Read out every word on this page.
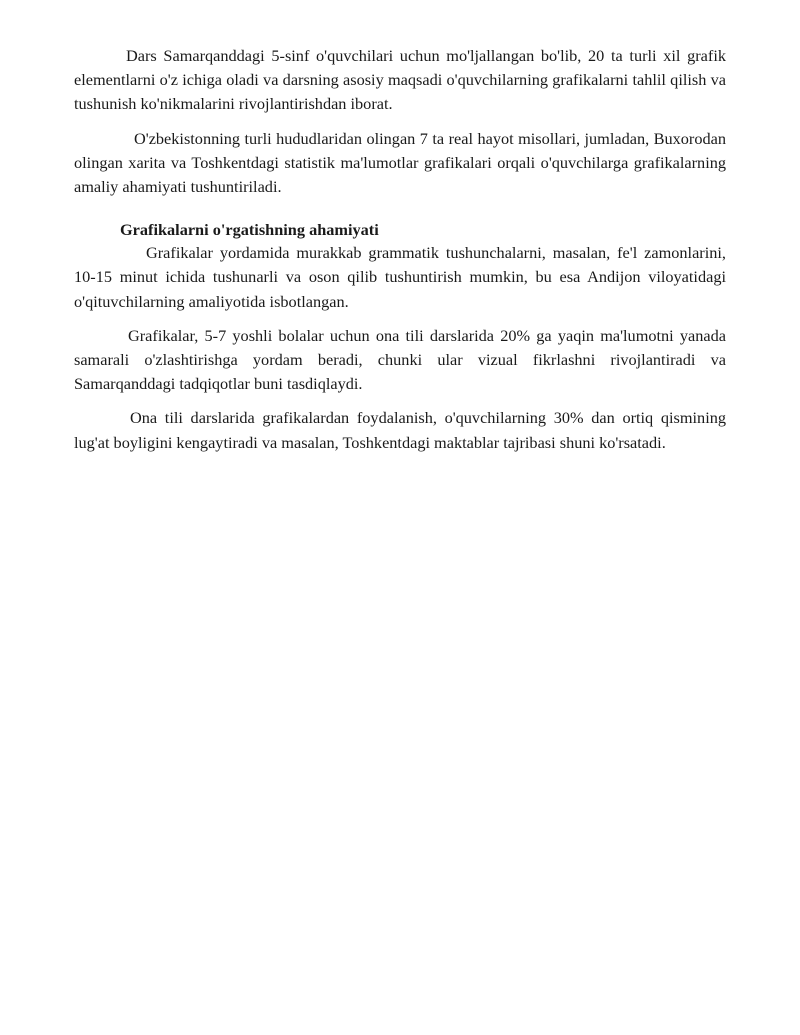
Dars Samarqanddagi 5-sinf o'quvchilari uchun mo'ljallangan bo'lib, 20 ta turli xil grafik elementlarni o'z ichiga oladi va darsning asosiy maqsadi o'quvchilarning grafikalarni tahlil qilish va tushunish ko'nikmalarini rivojlantirishdan iborat.

O'zbekistonning turli hududlaridan olingan 7 ta real hayot misollari, jumladan, Buxorodan olingan xarita va Toshkentdagi statistik ma'lumotlar grafikalari orqali o'quvchilarga grafikalarning amaliy ahamiyati tushuntiriladi.

Grafikalarni o'rgatishning ahamiyati

Grafikalar yordamida murakkab grammatik tushunchalarni, masalan, fe'l zamonlarini, 10-15 minut ichida tushunarli va oson qilib tushuntirish mumkin, bu esa Andijon viloyatidagi o'qituvchilarning amaliyotida isbotlangan.

Grafikalar, 5-7 yoshli bolalar uchun ona tili darslarida 20% ga yaqin ma'lumotni yanada samarali o'zlashtirishga yordam beradi, chunki ular vizual fikrlashni rivojlantiradi va Samarqanddagi tadqiqotlar buni tasdiqlaydi.

Ona tili darslarida grafikalardan foydalanish, o'quvchilarning 30% dan ortiq qismining lug'at boyligini kengaytiradi va masalan, Toshkentdagi maktablar tajribasi shuni ko'rsatadi.
